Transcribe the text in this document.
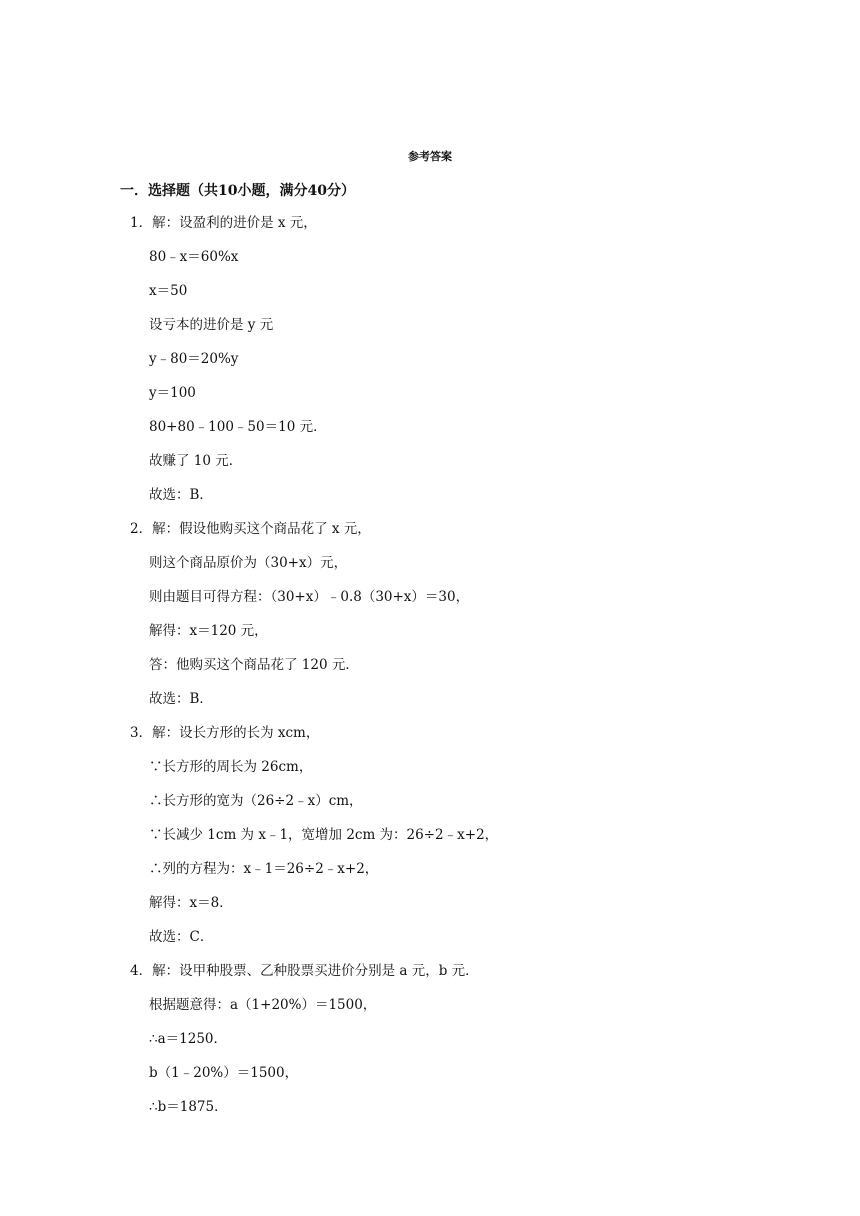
参考答案
一．选择题（共10小题，满分40分）
1．解：设盈利的进价是 x 元，
80﹣x＝60%x
x＝50
设亏本的进价是 y 元
y﹣80＝20%y
y＝100
80+80﹣100﹣50＝10 元．
故赚了 10 元．
故选：B．
2．解：假设他购买这个商品花了 x 元，
则这个商品原价为（30+x）元，
则由题目可得方程：（30+x）﹣0.8（30+x）＝30，
解得：x＝120 元，
答：他购买这个商品花了 120 元．
故选：B．
3．解：设长方形的长为 xcm，
∵长方形的周长为 26cm，
∴长方形的宽为（26÷2﹣x）cm，
∵长减少 1cm 为 x﹣1，宽增加 2cm 为：26÷2﹣x+2，
∴列的方程为：x﹣1＝26÷2﹣x+2，
解得：x＝8．
故选：C．
4．解：设甲种股票、乙种股票买进价分别是 a 元，b 元．
根据题意得：a（1+20%）＝1500，
∴a＝1250．
b（1﹣20%）＝1500，
∴b＝1875．
